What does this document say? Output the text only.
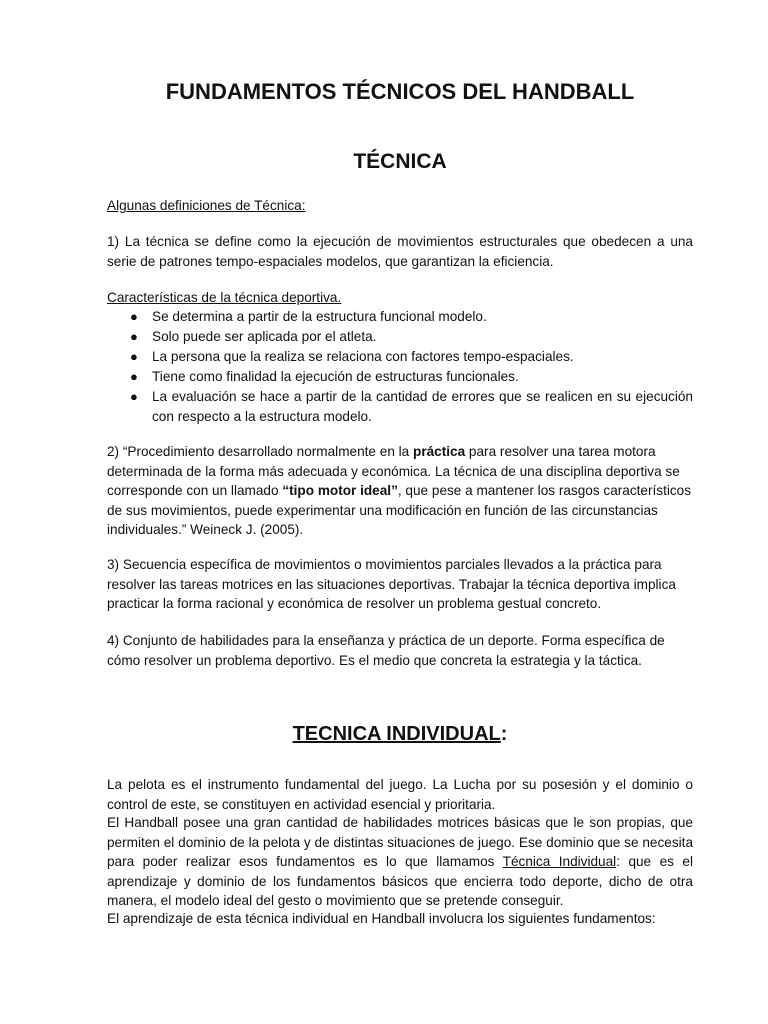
FUNDAMENTOS TÉCNICOS DEL HANDBALL
TÉCNICA

Algunas definiciones de Técnica:

1) La técnica se define como la ejecución de movimientos estructurales que obedecen a una serie de patrones tempo-espaciales modelos, que garantizan la eficiencia.

Características de la técnica deportiva.

● Se determina a partir de la estructura funcional modelo.
● Solo puede ser aplicada por el atleta.
● La persona que la realiza se relaciona con factores tempo-espaciales.
● Tiene como finalidad la ejecución de estructuras funcionales.
● La evaluación se hace a partir de la cantidad de errores que se realicen en su ejecución con respecto a la estructura modelo.

2) “Procedimiento desarrollado normalmente en la práctica para resolver una tarea motora determinada de la forma más adecuada y económica. La técnica de una disciplina deportiva se corresponde con un llamado “tipo motor ideal”, que pese a mantener los rasgos característicos de sus movimientos, puede experimentar una modificación en función de las circunstancias individuales.” Weineck J. (2005).

3) Secuencia específica de movimientos o movimientos parciales llevados a la práctica para resolver las tareas motrices en las situaciones deportivas. Trabajar la técnica deportiva implica practicar la forma racional y económica de resolver un problema gestual concreto.

4) Conjunto de habilidades para la enseñanza y práctica de un deporte. Forma específica de cómo resolver un problema deportivo. Es el medio que concreta la estrategia y la táctica.

TECNICA INDIVIDUAL:

La pelota es el instrumento fundamental del juego. La Lucha por su posesión y el dominio o control de este, se constituyen en actividad esencial y prioritaria.

El Handball posee una gran cantidad de habilidades motrices básicas que le son propias, que permiten el dominio de la pelota y de distintas situaciones de juego. Ese dominio que se necesita para poder realizar esos fundamentos es lo que llamamos Técnica Individual: que es el aprendizaje y dominio de los fundamentos básicos que encierra todo deporte, dicho de otra manera, el modelo ideal del gesto o movimiento que se pretende conseguir.

El aprendizaje de esta técnica individual en Handball involucra los siguientes fundamentos:
